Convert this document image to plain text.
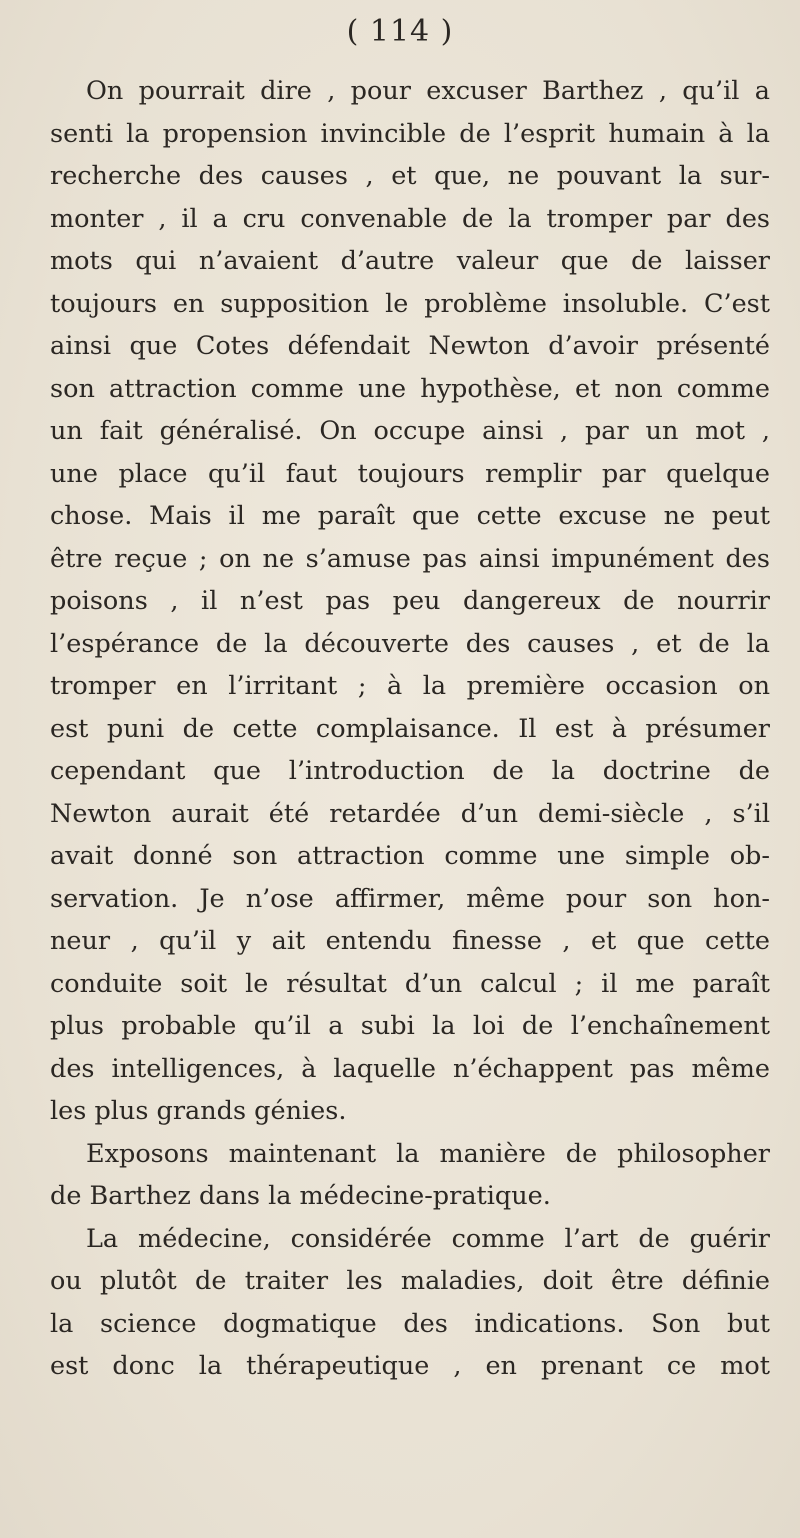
( 114 )
On pourrait dire , pour excuser Barthez , qu’il a
senti la propension invincible de l’esprit humain à la
recherche des causes , et que, ne pouvant la sur-
monter , il a cru convenable de la tromper par des
mots qui n’avaient d’autre valeur que de laisser
toujours en supposition le problème insoluble. C’est
ainsi que Cotes défendait Newton d’avoir présenté
son attraction comme une hypothèse, et non comme
un fait généralisé. On occupe ainsi , par un mot ,
une place qu’il faut toujours remplir par quelque
chose. Mais il me paraît que cette excuse ne peut
être reçue ; on ne s’amuse pas ainsi impunément des
poisons , il n’est pas peu dangereux de nourrir
l’espérance de la découverte des causes , et de la
tromper en l’irritant ; à la première occasion on
est puni de cette complaisance. Il est à présumer
cependant que l’introduction de la doctrine de
Newton aurait été retardée d’un demi-siècle , s’il
avait donné son attraction comme une simple ob-
servation. Je n’ose affirmer, même pour son hon-
neur , qu’il y ait entendu finesse , et que cette
conduite soit le résultat d’un calcul ; il me paraît
plus probable qu’il a subi la loi de l’enchaînement
des intelligences, à laquelle n’échappent pas même
les plus grands génies.
Exposons maintenant la manière de philosopher
de Barthez dans la médecine-pratique.
La médecine, considérée comme l’art de guérir
ou plutôt de traiter les maladies, doit être définie
la science dogmatique des indications. Son but
est donc la thérapeutique , en prenant ce mot
